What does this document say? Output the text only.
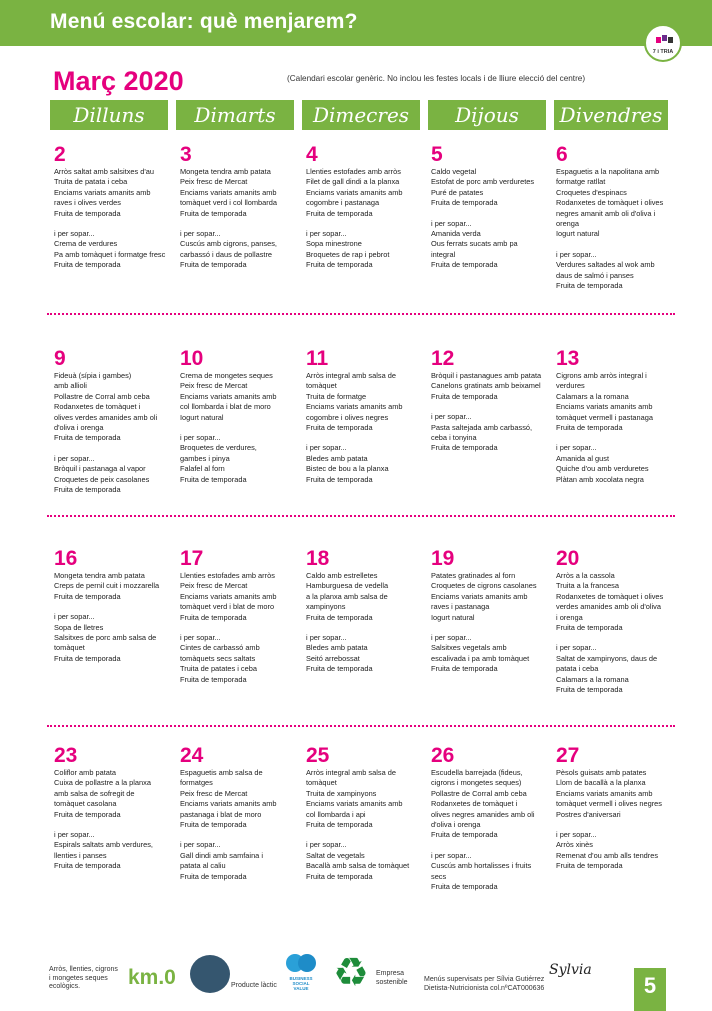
Menú escolar: què menjarem?
7 i TRIA
Març 2020	(Calendari escolar genèric. No inclou les festes locals i de lliure elecció del centre)
Dilluns	Dimarts	Dimecres	Dijous	Divendres
2
Arròs saltat amb salsitxes d'au
Truita de patata i ceba
Enciams variats amanits amb
raves i olives verdes
Fruita de temporada
i per sopar...
Crema de verdures
Pa amb tomàquet i formatge fresc
Fruita de temporada
3
Mongeta tendra amb patata
Peix fresc de Mercat
Enciams variats amanits amb
tomàquet verd i col llombarda
Fruita de temporada
i per sopar...
Cuscús amb cigrons, panses,
carbassó i daus de pollastre
Fruita de temporada
4
Llenties estofades amb arròs
Filet de gall dindi a la planxa
Enciams variats amanits amb
cogombre i pastanaga
Fruita de temporada
i per sopar...
Sopa minestrone
Broquetes de rap i pebrot
Fruita de temporada
5
Caldo vegetal
Estofat de porc amb verduretes
Puré de patates
Fruita de temporada
i per sopar...
Amanida verda
Ous ferrats sucats amb pa
integral
Fruita de temporada
6
Espaguetis a la napolitana amb
formatge ratllat
Croquetes d'espinacs
Rodanxetes de tomàquet i olives
negres amanit amb oli d'oliva i
orenga
Iogurt natural
i per sopar...
Verdures saltades al wok amb
daus de salmó i panses
Fruita de temporada
9
Fideuà (sípia i gambes)
amb allioli
Pollastre de Corral amb ceba
Rodanxetes de tomàquet i
olives verdes amanides amb oli
d'oliva i orenga
Fruita de temporada
i per sopar...
Bròquil i pastanaga al vapor
Croquetes de peix casolanes
Fruita de temporada
10
Crema de mongetes seques
Peix fresc de Mercat
Enciams variats amanits amb
col llombarda i blat de moro
Iogurt natural
i per sopar...
Broquetes de verdures,
gambes i pinya
Falafel al forn
Fruita de temporada
11
Arròs integral amb salsa de
tomàquet
Truita de formatge
Enciams variats amanits amb
cogombre i olives negres
Fruita de temporada
i per sopar...
Bledes amb patata
Bistec de bou a la planxa
Fruita de temporada
12
Bròquil i pastanagues amb patata
Canelons gratinats amb beixamel
Fruita de temporada
i per sopar...
Pasta saltejada amb carbassó,
ceba i tonyina
Fruita de temporada
13
Cigrons amb arròs integral i
verdures
Calamars a la romana
Enciams variats amanits amb
tomàquet vermell i pastanaga
Fruita de temporada
i per sopar...
Amanida al gust
Quiche d'ou amb verduretes
Plàtan amb xocolata negra
16
Mongeta tendra amb patata
Creps de pernil cuit i mozzarella
Fruita de temporada
i per sopar...
Sopa de lletres
Salsitxes de porc amb salsa de
tomàquet
Fruita de temporada
17
Llenties estofades amb arròs
Peix fresc de Mercat
Enciams variats amanits amb
tomàquet verd i blat de moro
Fruita de temporada
i per sopar...
Cintes de carbassó amb
tomàquets secs saltats
Truita de patates i ceba
Fruita de temporada
18
Caldo amb estrelletes
Hamburguesa de vedella
a la planxa amb salsa de
xampinyons
Fruita de temporada
i per sopar...
Bledes amb patata
Seitó arrebossat
Fruita de temporada
19
Patates gratinades al forn
Croquetes de cigrons casolanes
Enciams variats amanits amb
raves i pastanaga
Iogurt natural
i per sopar...
Salsitxes vegetals amb
escalivada i pa amb tomàquet
Fruita de temporada
20
Arròs a la cassola
Truita a la francesa
Rodanxetes de tomàquet i olives
verdes amanides amb oli d'oliva
i orenga
Fruita de temporada
i per sopar...
Saltat de xampinyons, daus de
patata i ceba
Calamars a la romana
Fruita de temporada
23
Coliflor amb patata
Cuixa de pollastre a la planxa
amb salsa de sofregit de
tomàquet casolana
Fruita de temporada
i per sopar...
Espirals saltats amb verdures,
llenties i panses
Fruita de temporada
24
Espaguetis amb salsa de
formatges
Peix fresc de Mercat
Enciams variats amanits amb
pastanaga i blat de moro
Fruita de temporada
i per sopar...
Gall dindi amb samfaina i
patata al caliu
Fruita de temporada
25
Arròs integral amb salsa de
tomàquet
Truita de xampinyons
Enciams variats amanits amb
col llombarda i api
Fruita de temporada
i per sopar...
Saltat de vegetals
Bacallà amb salsa de tomàquet
Fruita de temporada
26
Escudella barrejada (fideus,
cigrons i mongetes seques)
Pollastre de Corral amb ceba
Rodanxetes de tomàquet i
olives negres amanides amb oli
d'oliva i orenga
Fruita de temporada
i per sopar...
Cuscús amb hortalisses i fruits
secs
Fruita de temporada
27
Pèsols guisats amb patates
Llom de bacallà a la planxa
Enciams variats amanits amb
tomàquet vermell i olives negres
Postres d'aniversari
i per sopar...
Arròs xinès
Remenat d'ou amb alls tendres
Fruita de temporada
Arròs, llenties, cigrons
i mongetes seques
ecològics.	km.0	Producte làctic
BUSINESS
SOCIAL
VALUE ♻ Empresa
sostenible Menús supervisats per Sílvia Gutiérrez
Dietista-Nutricionista col.nºCAT000636
Sylvia
5
